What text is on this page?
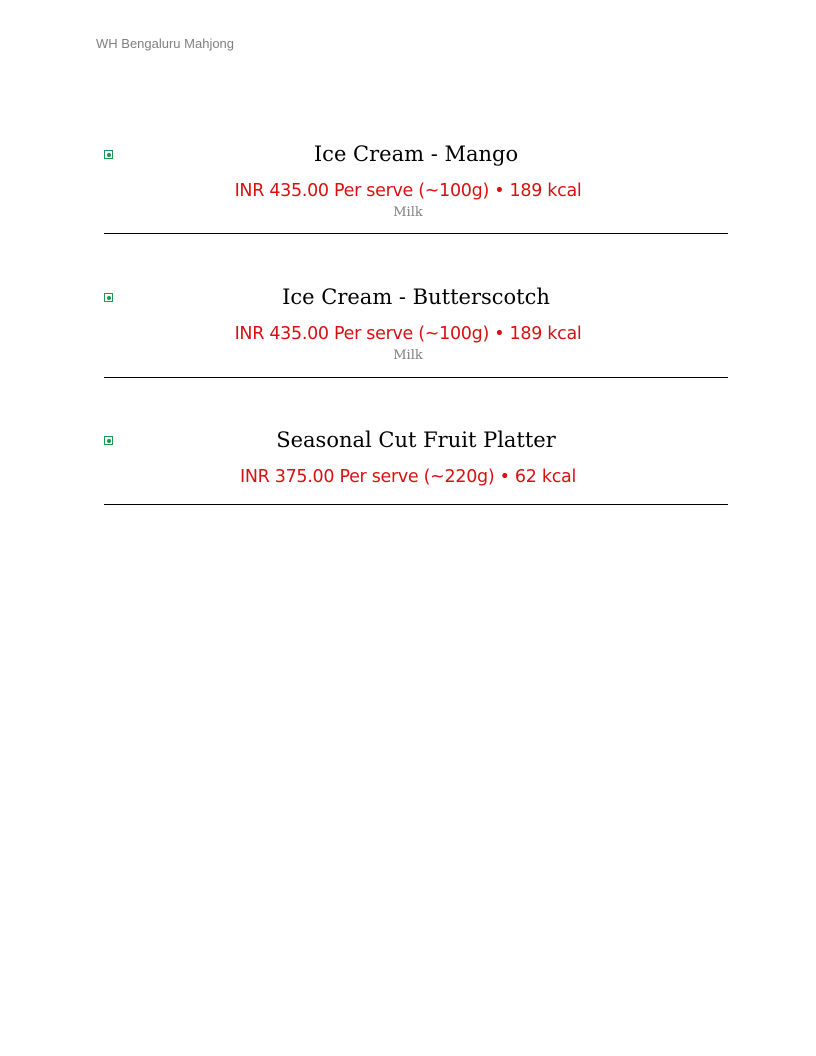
WH Bengaluru Mahjong
Ice Cream - Mango
INR 435.00 Per serve (~100g) • 189 kcal
Milk
Ice Cream - Butterscotch
INR 435.00 Per serve (~100g) • 189 kcal
Milk
Seasonal Cut Fruit Platter
INR 375.00 Per serve (~220g) • 62 kcal
